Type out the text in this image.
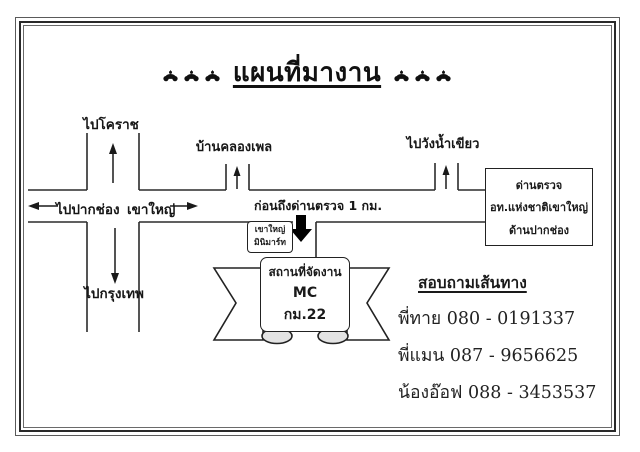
แผนที่มางาน
ไปโคราช
บ้านคลองเพล	ไปวังน้ำเขียว
ไปปากช่อง เขาใหญ่	ก่อนถึงด่านตรวจ 1 กม.
ไปกรุงเทพ
เขาใหญ่
มินิมาร์ท
ด่านตรวจ
อท.แห่งชาติเขาใหญ่
ด้านปากช่อง
สถานที่จัดงาน
MC
กม.22
สอบถามเส้นทาง
พี่ทาย 080 - 0191337
พี่แมน 087 - 9656625
น้องอ๊อฟ 088 - 3453537
